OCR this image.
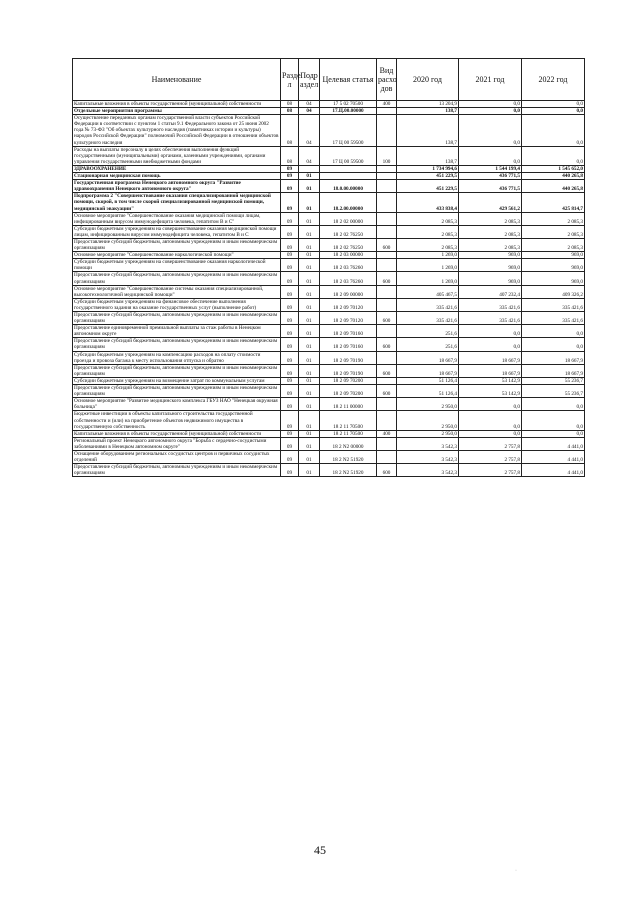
Наименование	Разде л	Подр аздел	Целевая статья	Вид расхо дов	2020 год	2021 год	2022 год
Капитальные вложения в объекты государственной (муниципальной) собственности	08	04	17 5 02 70500	400	13 204,9	0,0	0,0
Отдельные мероприятия программы	08	04	17.Ц.00.00000		138,7	0,0	0,0
Осуществление переданных органам государственной власти субъектов Российской Федерации в соответствии с пунктом 1 статьи 9.1 Федерального закона от 25 июня 2002 года № 73-ФЗ "Об объектах культурного наследия (памятниках истории и культуры) народов Российской Федерации" полномочий Российской Федерации в отношении объектов культурного наследия	08	04	17 Ц 00 59500		138,7	0,0	0,0
Расходы на выплаты персоналу в целях обеспечения выполнения функций государственными (муниципальными) органами, казенными учреждениями, органами управления государственными внебюджетными фондами	08	04	17 Ц 00 59500	100	138,7	0,0	0,0
ЗДРАВООХРАНЕНИЕ	09				1 734 994,6	1 544 199,4	1 545 652,0
Стационарная медицинская помощь	09	01			451 229,5	436 771,5	440 265,8
Государственная программа Ненецкого автономного округа "Развитие здравоохранения Ненецкого автономного округа"	09	01	18.0.00.00000		451 229,5	436 771,5	440 265,8
Подпрограмма 2 "Совершенствование оказания специализированной медицинской помощи, скорой, в том числе скорой специализированной медицинской помощи, медицинской эвакуации"	09	01	18.2.00.00000		433 838,4	429 561,2	425 814,7
Основное мероприятие "Совершенствование оказания медицинской помощи лицам, инфицированным вирусом иммунодефицита человека, гепатитом В и С"	09	01	18 2 02 00000		2 085,3	2 085,3	2 085,3
Субсидии бюджетным учреждениям на совершенствование оказания медицинской помощи лицам, инфицированным вирусом иммунодефицита человека, гепатитом В и С	09	01	18 2 02 76250		2 085,3	2 085,3	2 085,3
Предоставление субсидий бюджетным, автономным учреждениям и иным некоммерческим организациям	09	01	18 2 02 76250	600	2 085,3	2 085,3	2 085,3
Основное мероприятие "Совершенствование наркологической помощи"	09	01	18 2 03 00000		1 269,0	969,0	969,0
Субсидии бюджетным учреждениям на совершенствование оказания наркологической помощи	09	01	18 2 03 76260		1 269,0	969,0	969,0
Предоставление субсидий бюджетным, автономным учреждениям и иным некоммерческим организациям	09	01	18 2 03 76260	600	1 269,0	969,0	969,0
Основное мероприятие "Совершенствование системы оказания специализированной, высокотехнологичной медицинской помощи"	09	01	18 2 09 00000		405 467,5	407 232,4	409 326,2
Субсидии бюджетным учреждениям на финансовое обеспечение выполнения государственного задания на оказание государственных услуг (выполнение работ)	09	01	18 2 09 70120		335 421,6	335 421,6	335 421,6
Предоставление субсидий бюджетным, автономным учреждениям и иным некоммерческим организациям	09	01	18 2 09 70120	600	335 421,6	335 421,6	335 421,6
Предоставление единовременной премиальной выплаты за стаж работы в Ненецком автономном округе	09	01	18 2 09 70160		251,6	0,0	0,0
Предоставление субсидий бюджетным, автономным учреждениям и иным некоммерческим организациям	09	01	18 2 09 70160	600	251,6	0,0	0,0
Субсидии бюджетным учреждениям на компенсацию расходов на оплату стоимости проезда и провоза багажа к месту использования отпуска и обратно	09	01	18 2 09 70190		18 667,9	18 667,9	18 667,9
Предоставление субсидий бюджетным, автономным учреждениям и иным некоммерческим организациям	09	01	18 2 09 70190	600	18 667,9	18 667,9	18 667,9
Субсидии бюджетным учреждениям на возмещение затрат по коммунальным услугам	09	01	18 2 09 70200		51 126,4	53 142,9	55 236,7
Предоставление субсидий бюджетным, автономным учреждениям и иным некоммерческим организациям	09	01	18 2 09 70200	600	51 126,4	53 142,9	55 236,7
Основное мероприятие "Развитие медицинского комплекса ГБУЗ НАО "Ненецкая окружная больница"	09	01	18 2 11 00000		2 950,0	0,0	0,0
Бюджетные инвестиции в объекты капитального строительства государственной собственности и (или) на приобретение объектов недвижимого имущества в государственную собственность	09	01	18 2 11 70500		2 950,0	0,0	0,0
Капитальные вложения в объекты государственной (муниципальной) собственности	09	01	18 2 11 70500	400	2 950,0	0,0	0,0
Региональный проект Ненецкого автономного округа "Борьба с сердечно-сосудистыми заболеваниями в Ненецком автономном округе"	09	01	18 2 N2 00000		3 542,3	2 757,8	4 441,0
Оснащение оборудованием региональных сосудистых центров и первичных сосудистых отделений	09	01	18 2 N2 51920		3 542,3	2 757,8	4 441,0
Предоставление субсидий бюджетным, автономным учреждениям и иным некоммерческим организациям	09	01	18 2 N2 51920	600	3 542,3	2 757,8	4 441,0
45
·
